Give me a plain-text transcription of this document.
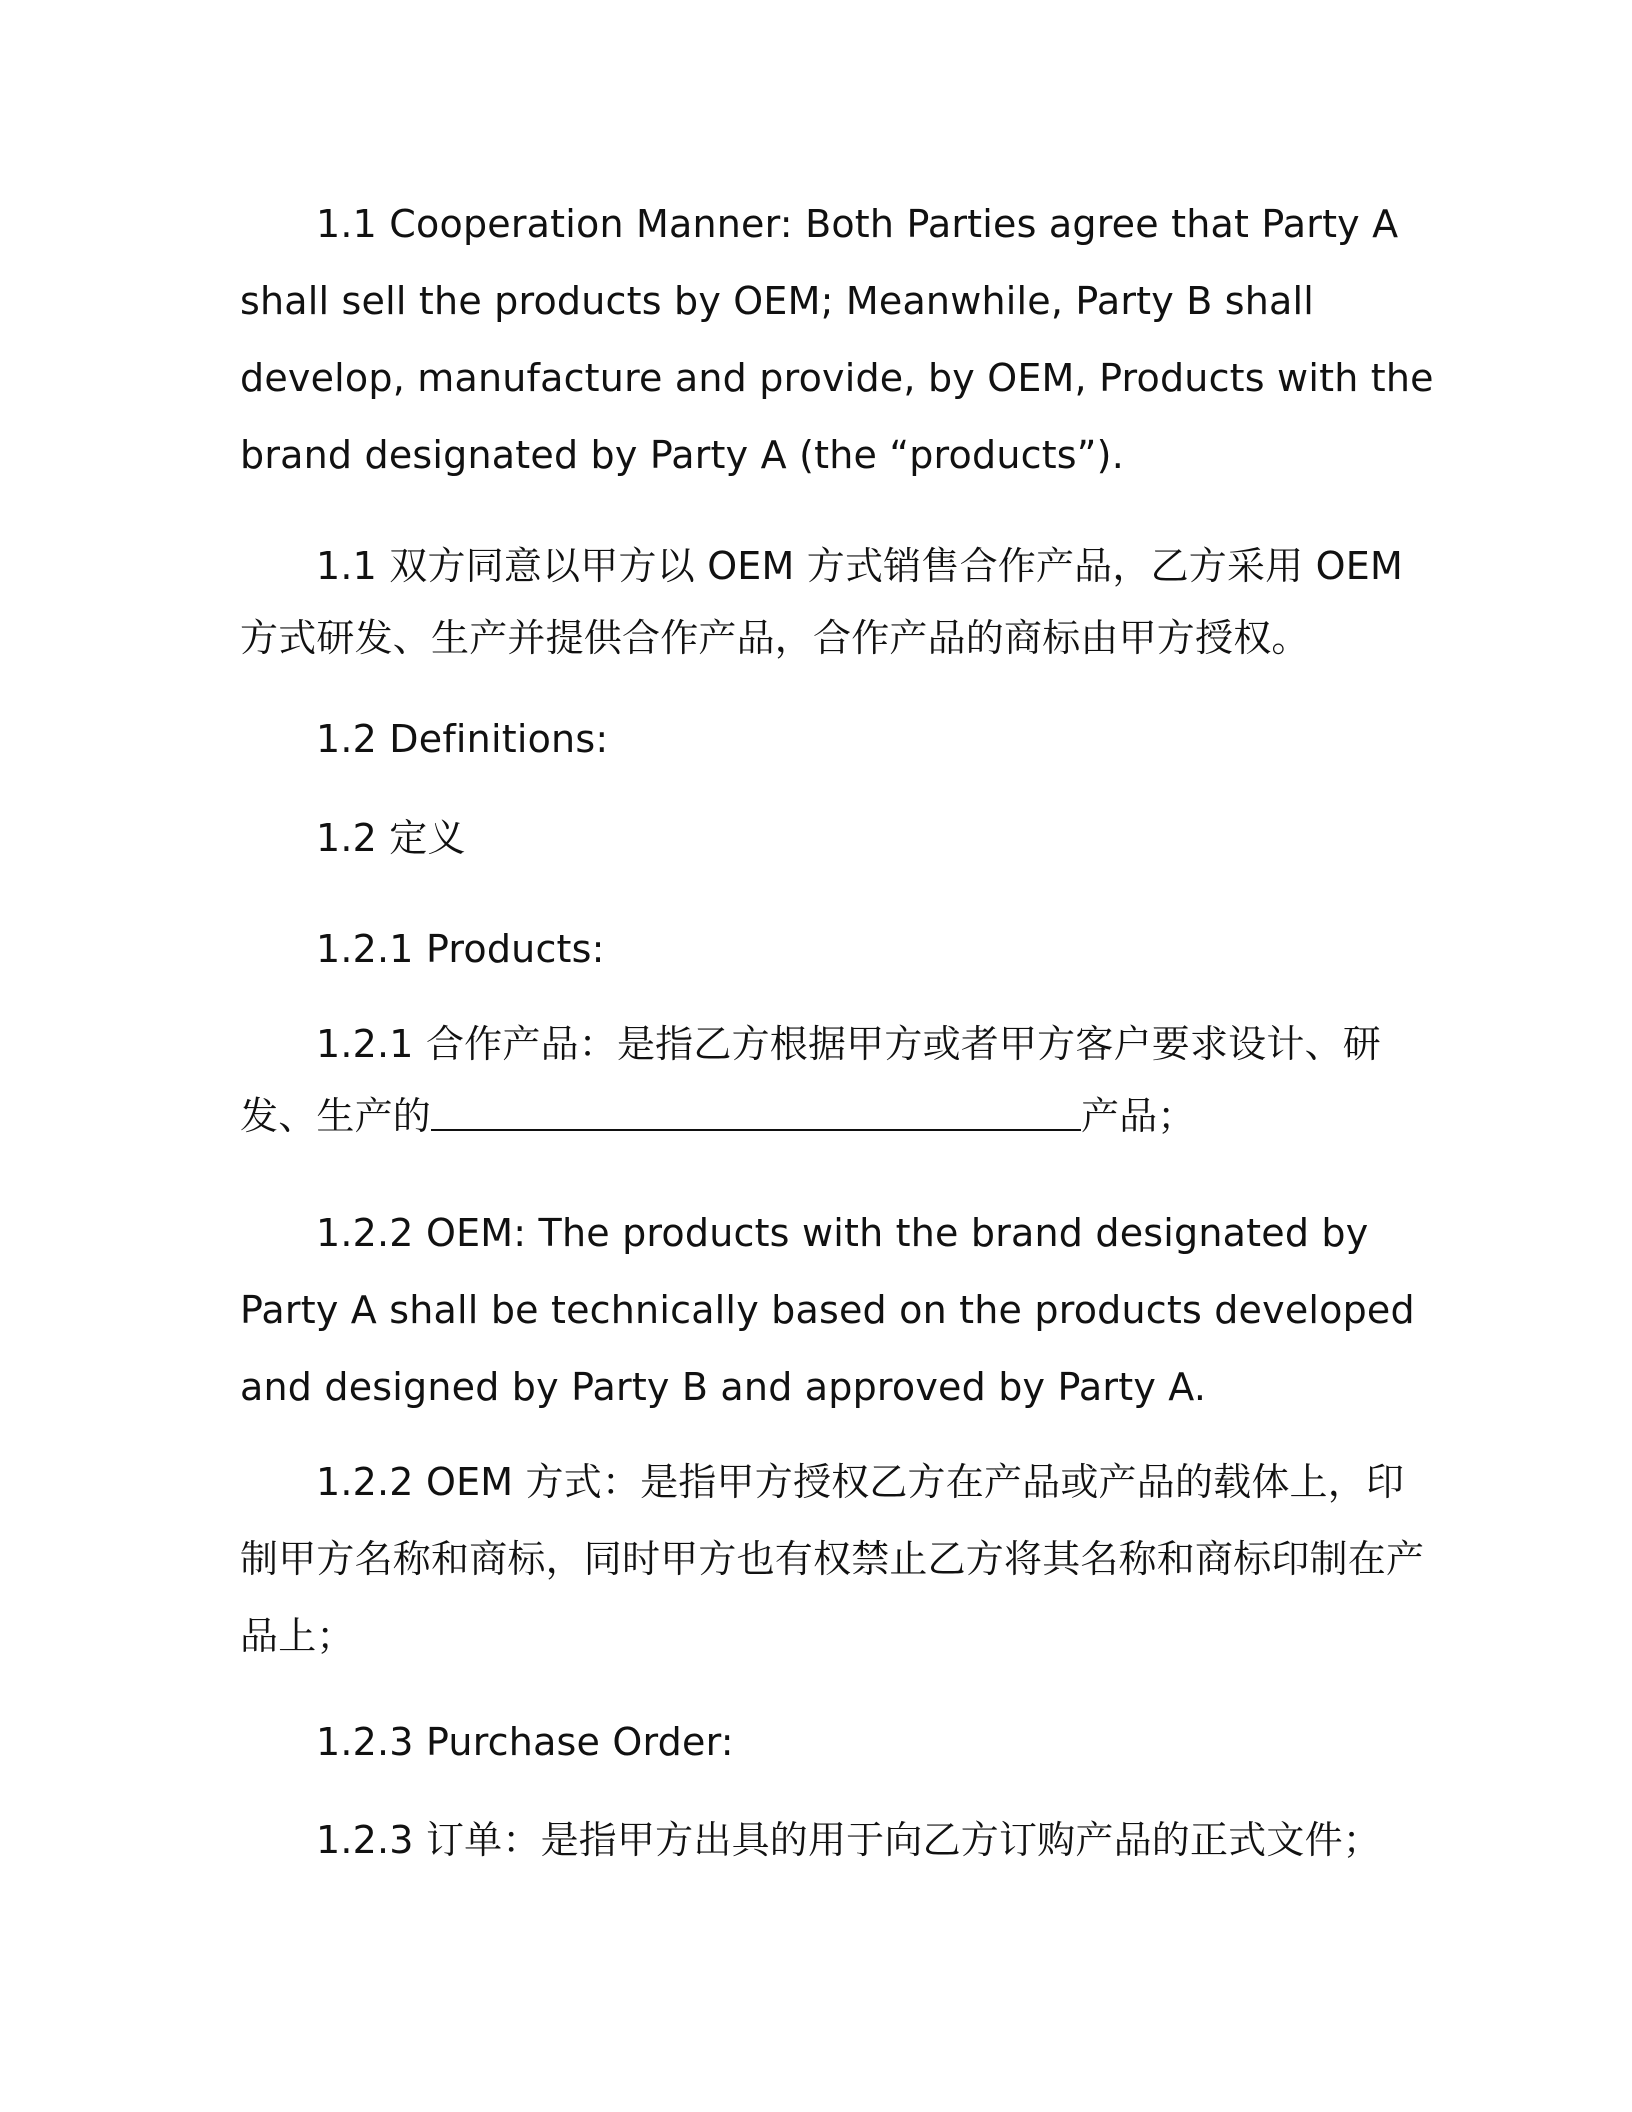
1.1 Cooperation Manner: Both Parties agree that Party A shall sell the products by OEM; Meanwhile, Party B shall develop, manufacture and provide, by OEM, Products with the brand designated by Party A (the “products”).
1.1 双方同意以甲方以 OEM 方式销售合作产品，乙方采用 OEM 方式研发、生产并提供合作产品，合作产品的商标由甲方授权。
1.2 Definitions:
1.2 定义
1.2.1 Products:
1.2.1 合作产品：是指乙方根据甲方或者甲方客户要求设计、研发、生产的	产品；
1.2.2 OEM: The products with the brand designated by Party A shall be technically based on the products developed and designed by Party B and approved by Party A.
1.2.2 OEM 方式：是指甲方授权乙方在产品或产品的载体上，印制甲方名称和商标，同时甲方也有权禁止乙方将其名称和商标印制在产品上；
1.2.3 Purchase Order:
1.2.3 订单：是指甲方出具的用于向乙方订购产品的正式文件；
